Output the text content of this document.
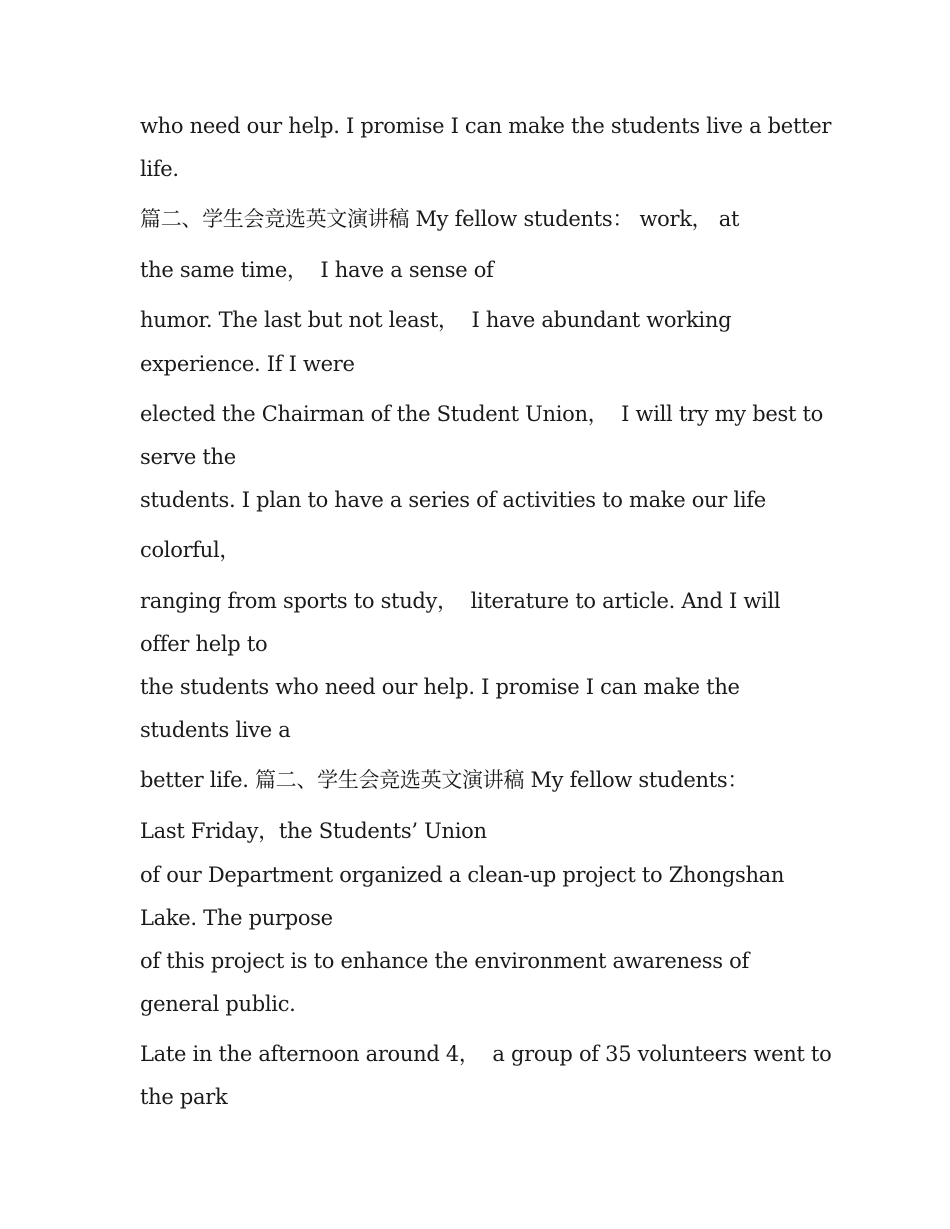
who need our help. I promise I can make the students live a better

life.

篇二、学生会竞选英文演讲稿 My fellow students： work， at

the same time，  I have a sense of

humor. The last but not least，  I have abundant working

experience. If I were

elected the Chairman of the Student Union，  I will try my best to

serve the

students. I plan to have a series of activities to make our life

colorful，

ranging from sports to study，  literature to article. And I will

offer help to

the students who need our help. I promise I can make the

students live a

better life. 篇二、学生会竞选英文演讲稿 My fellow students：

Last Friday，the Students’ Union

of our Department organized a clean-up project to Zhongshan

Lake. The purpose

of this project is to enhance the environment awareness of

general public.

Late in the afternoon around 4，  a group of 35 volunteers went to

the park
